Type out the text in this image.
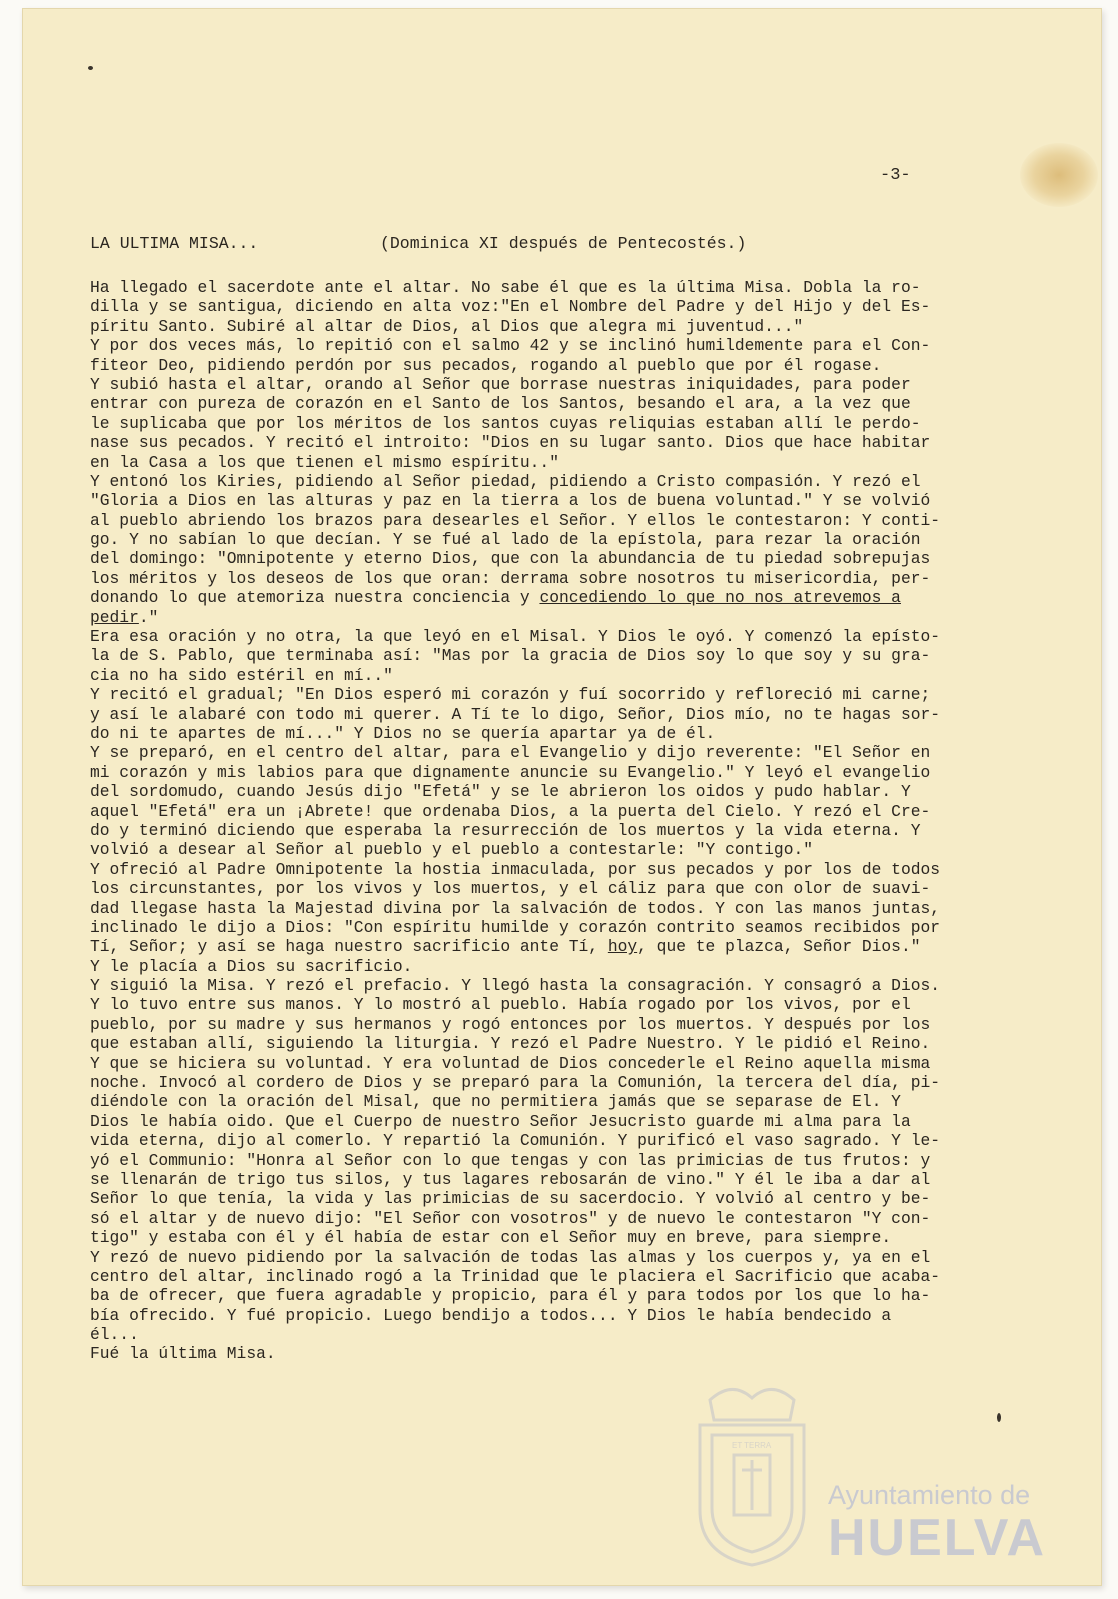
-3-
LA ULTIMA MISA...	(Dominica XI después de Pentecostés.)
Ha llegado el sacerdote ante el altar. No sabe él que es la última Misa. Dobla la ro-
dilla y se santigua, diciendo en alta voz:"En el Nombre del Padre y del Hijo y del Es-
píritu Santo. Subiré al altar de Dios, al Dios que alegra mi juventud..."
Y por dos veces más, lo repitió con el salmo 42 y se inclinó humildemente para el Con-
fiteor Deo, pidiendo perdón por sus pecados, rogando al pueblo que por él rogase.
Y subió hasta el altar, orando al Señor que borrase nuestras iniquidades, para poder
entrar con pureza de corazón en el Santo de los Santos, besando el ara, a la vez que
le suplicaba que por los méritos de los santos cuyas reliquias estaban allí le perdo-
nase sus pecados. Y recitó el introito: "Dios en su lugar santo. Dios que hace habitar
en la Casa a los que tienen el mismo espíritu.."
Y entonó los Kiries, pidiendo al Señor piedad, pidiendo a Cristo compasión. Y rezó el
"Gloria a Dios en las alturas y paz en la tierra a los de buena voluntad." Y se volvió
al pueblo abriendo los brazos para desearles el Señor. Y ellos le contestaron: Y conti-
go. Y no sabían lo que decían. Y se fué al lado de la epístola, para rezar la oración
del domingo: "Omnipotente y eterno Dios, que con la abundancia de tu piedad sobrepujas
los méritos y los deseos de los que oran: derrama sobre nosotros tu misericordia, per-
donando lo que atemoriza nuestra conciencia y concediendo lo que no nos atrevemos a
pedir."
Era esa oración y no otra, la que leyó en el Misal. Y Dios le oyó. Y comenzó la epísto-
la de S. Pablo, que terminaba así: "Mas por la gracia de Dios soy lo que soy y su gra-
cia no ha sido estéril en mí.."
Y recitó el gradual; "En Dios esperó mi corazón y fuí socorrido y refloreció mi carne;
y así le alabaré con todo mi querer. A Tí te lo digo, Señor, Dios mío, no te hagas sor-
do ni te apartes de mí..." Y Dios no se quería apartar ya de él.
Y se preparó, en el centro del altar, para el Evangelio y dijo reverente: "El Señor en
mi corazón y mis labios para que dignamente anuncie su Evangelio." Y leyó el evangelio
del sordomudo, cuando Jesús dijo "Efetá" y se le abrieron los oidos y pudo hablar. Y
aquel "Efetá" era un ¡Abrete! que ordenaba Dios, a la puerta del Cielo. Y rezó el Cre-
do y terminó diciendo que esperaba la resurrección de los muertos y la vida eterna. Y
volvió a desear al Señor al pueblo y el pueblo a contestarle: "Y contigo."
Y ofreció al Padre Omnipotente la hostia inmaculada, por sus pecados y por los de todos
los circunstantes, por los vivos y los muertos, y el cáliz para que con olor de suavi-
dad llegase hasta la Majestad divina por la salvación de todos. Y con las manos juntas,
inclinado le dijo a Dios: "Con espíritu humilde y corazón contrito seamos recibidos por
Tí, Señor; y así se haga nuestro sacrificio ante Tí, hoy, que te plazca, Señor Dios."
Y le placía a Dios su sacrificio.
Y siguió la Misa. Y rezó el prefacio. Y llegó hasta la consagración. Y consagró a Dios.
Y lo tuvo entre sus manos. Y lo mostró al pueblo. Había rogado por los vivos, por el
pueblo, por su madre y sus hermanos y rogó entonces por los muertos. Y después por los
que estaban allí, siguiendo la liturgia. Y rezó el Padre Nuestro. Y le pidió el Reino.
Y que se hiciera su voluntad. Y era voluntad de Dios concederle el Reino aquella misma
noche. Invocó al cordero de Dios y se preparó para la Comunión, la tercera del día, pi-
diéndole con la oración del Misal, que no permitiera jamás que se separase de El. Y
Dios le había oido. Que el Cuerpo de nuestro Señor Jesucristo guarde mi alma para la
vida eterna, dijo al comerlo. Y repartió la Comunión. Y purificó el vaso sagrado. Y le-
yó el Communio: "Honra al Señor con lo que tengas y con las primicias de tus frutos: y
se llenarán de trigo tus silos, y tus lagares rebosarán de vino." Y él le iba a dar al
Señor lo que tenía, la vida y las primicias de su sacerdocio. Y volvió al centro y be-
só el altar y de nuevo dijo: "El Señor con vosotros" y de nuevo le contestaron "Y con-
tigo" y estaba con él y él había de estar con el Señor muy en breve, para siempre.
Y rezó de nuevo pidiendo por la salvación de todas las almas y los cuerpos y, ya en el
centro del altar, inclinado rogó a la Trinidad que le placiera el Sacrificio que acaba-
ba de ofrecer, que fuera agradable y propicio, para él y para todos por los que lo ha-
bía ofrecido. Y fué propicio. Luego bendijo a todos... Y Dios le había bendecido a
él...
Fué la última Misa.
ET TERRA
Ayuntamiento de
HUELVA
